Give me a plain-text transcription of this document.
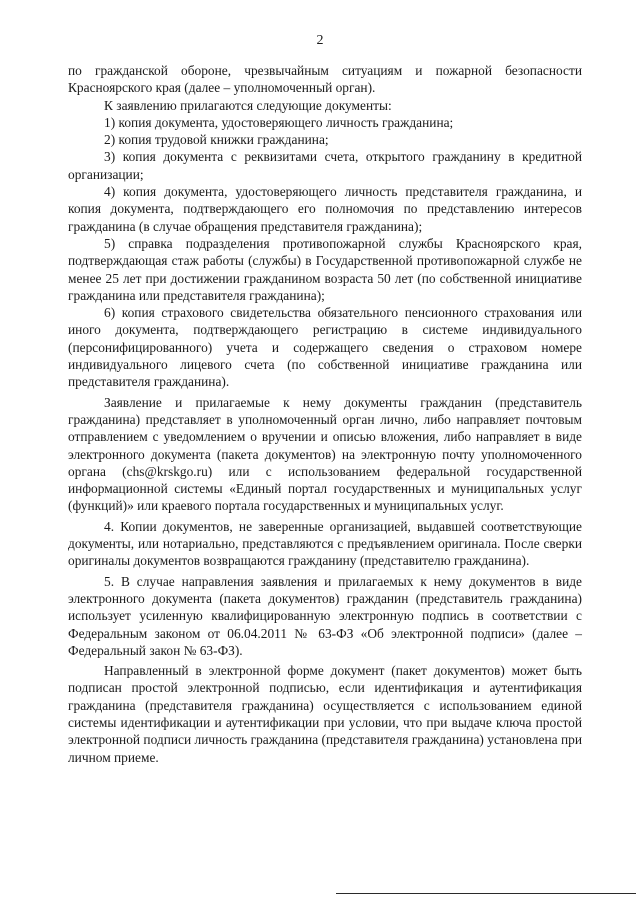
2

по гражданской обороне, чрезвычайным ситуациям и пожарной безопасности Красноярского края (далее – уполномоченный орган).

К заявлению прилагаются следующие документы:

1) копия документа, удостоверяющего личность гражданина;

2) копия трудовой книжки гражданина;

3) копия документа с реквизитами счета, открытого гражданину в кредитной организации;

4) копия документа, удостоверяющего личность представителя гражданина, и копия документа, подтверждающего его полномочия по представлению интересов гражданина (в случае обращения представителя гражданина);

5) справка подразделения противопожарной службы Красноярского края, подтверждающая стаж работы (службы) в Государственной противопожарной службе не менее 25 лет при достижении гражданином возраста 50 лет (по собственной инициативе гражданина или представителя гражданина);

6) копия страхового свидетельства обязательного пенсионного страхования или иного документа, подтверждающего регистрацию в системе индивидуального (персонифицированного) учета и содержащего сведения о страховом номере индивидуального лицевого счета (по собственной инициативе гражданина или представителя гражданина).

Заявление и прилагаемые к нему документы гражданин (представитель гражданина) представляет в уполномоченный орган лично, либо направляет почтовым отправлением с уведомлением о вручении и описью вложения, либо направляет в виде электронного документа (пакета документов) на электронную почту уполномоченного органа (chs@krskgo.ru) или с использованием федеральной государственной информационной системы «Единый портал государственных и муниципальных услуг (функций)» или краевого портала государственных и муниципальных услуг.

4. Копии документов, не заверенные организацией, выдавшей соответствующие документы, или нотариально, представляются с предъявлением оригинала. После сверки оригиналы документов возвращаются гражданину (представителю гражданина).

5. В случае направления заявления и прилагаемых к нему документов в виде электронного документа (пакета документов) гражданин (представитель гражданина) использует усиленную квалифицированную электронную подпись в соответствии с Федеральным законом от 06.04.2011 № 63-ФЗ «Об электронной подписи» (далее – Федеральный закон № 63-ФЗ).

Направленный в электронной форме документ (пакет документов) может быть подписан простой электронной подписью, если идентификация и аутентификация гражданина (представителя гражданина) осуществляется с использованием единой системы идентификации и аутентификации при условии, что при выдаче ключа простой электронной подписи личность гражданина (представителя гражданина) установлена при личном приеме.
